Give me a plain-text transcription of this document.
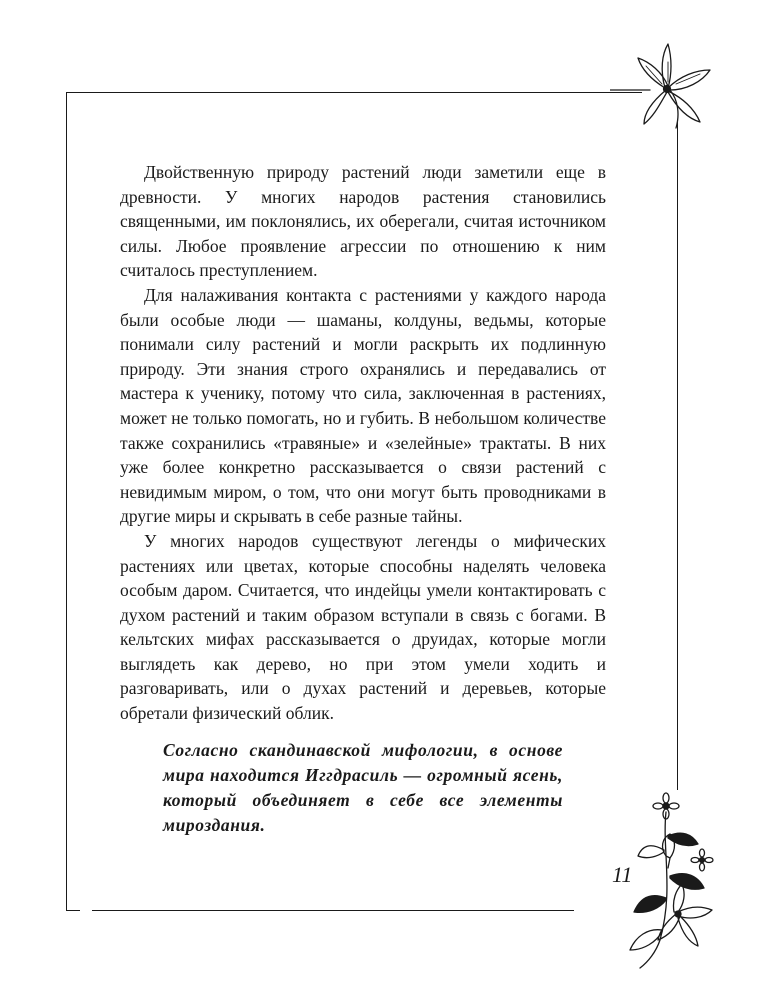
Двойственную природу растений люди заметили еще в древности. У многих народов растения становились священными, им поклонялись, их оберегали, считая источником силы. Любое проявление агрессии по отношению к ним считалось преступлением.

Для налаживания контакта с растениями у каждого народа были особые люди — шаманы, колдуны, ведьмы, которые понимали силу растений и могли раскрыть их подлинную природу. Эти знания строго охранялись и передавались от мастера к ученику, потому что сила, заключенная в растениях, может не только помогать, но и губить. В небольшом количестве также сохранились «травяные» и «зелейные» трактаты. В них уже более конкретно рассказывается о связи растений с невидимым миром, о том, что они могут быть проводниками в другие миры и скрывать в себе разные тайны.

У многих народов существуют легенды о мифических растениях или цветах, которые способны наделять человека особым даром. Считается, что индейцы умели контактировать с духом растений и таким образом вступали в связь с богами. В кельтских мифах рассказывается о друидах, которые могли выглядеть как дерево, но при этом умели ходить и разговаривать, или о духах растений и деревьев, которые обретали физический облик.

Согласно скандинавской мифологии, в основе мира находится Иггдрасиль — огромный ясень, который объединяет в себе все элементы мироздания.
11
